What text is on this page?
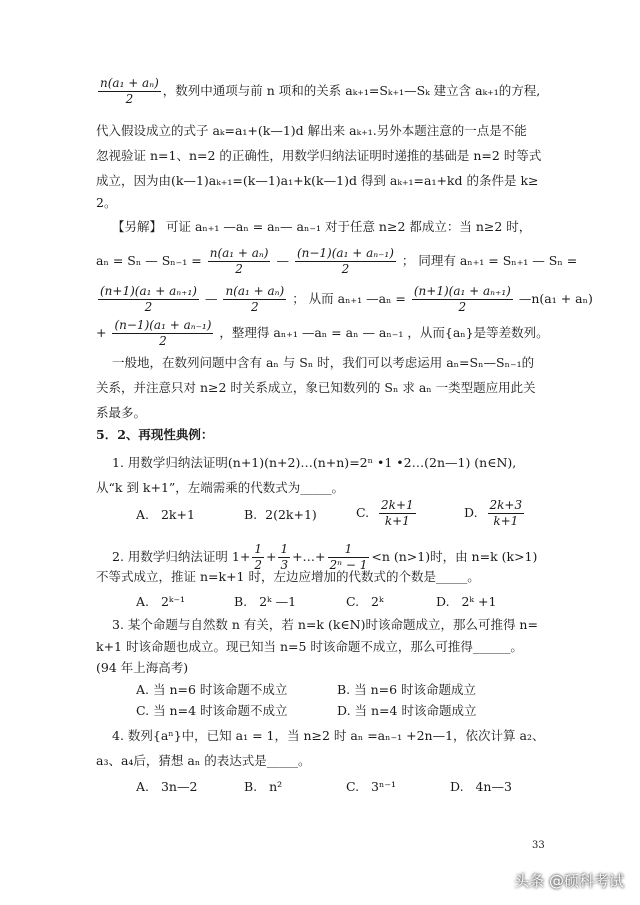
$\frac{\text{n(a₁ + aₙ)}}{2}$ ，数列中通项与前 n 项和的关系 aₖ₊₁=Sₖ₊₁—Sₖ 建立含 aₖ₊₁的方程,
代入假设成立的式子 aₖ=a₁+(k—1)d 解出来 aₖ₊₁.另外本题注意的一点是不能
忽视验证 n=1、n=2 的正确性，用数学归纳法证明时递推的基础是 n=2 时等式
成立，因为由(k—1)aₖ₊₁=(k—1)a₁+k(k—1)d 得到 aₖ₊₁=a₁+kd 的条件是 k≥
2。
【另解】 可证 aₙ₊₁ —aₙ = aₙ— aₙ₋₁ 对于任意 n≥2 都成立：当 n≥2 时，
aₙ = Sₙ — $S_{n-1} = \frac{\text{n(a₁ + aₙ)}}{2}$ — $\frac{\text{(n−1)(a₁ + aₙ₋₁)}}{2}$ ； 同理有 aₙ₊₁ = Sₙ₊₁ — Sₙ =
$\frac{\text{(n+1)(a₁ + aₙ₊₁)}}{2}$ — $\frac{\text{n(a₁ + aₙ)}}{2}$ ； 从而 aₙ₊₁ —aₙ = $\frac{\text{(n+1)(a₁ + aₙ₊₁)}}{2}$ —n(a₁ + aₙ)
+ $\frac{\text{(n−1)(a₁ + aₙ₋₁)}}{2}$ ，整理得 aₙ₊₁ —aₙ = aₙ — aₙ₋₁ ，从而{aₙ}是等差数列。
一般地，在数列问题中含有 aₙ 与 Sₙ 时，我们可以考虑运用 aₙ=Sₙ—Sₙ₋₁的
关系，并注意只对 n≥2 时关系成立，象已知数列的 Sₙ 求 aₙ 一类型题应用此关
系最多。
5．2、再现性典例：
1. 用数学归纳法证明(n+1)(n+2)…(n+n)=2ⁿ •1 •2…(2n—1) (n∈N),
从“k 到 k+1”，左端需乘的代数式为_____。
A. 2k+1	B. 2(2k+1)	C. $\frac{2k+1}{k+1}$	D. $\frac{2k+3}{k+1}$
2. 用数学归纳法证明 $1+ \frac{1}{2} + \frac{1}{3}$ +…+ $\frac{1}{\text{2ⁿ − 1}} <n$ (n>1)时，由 n=k (k>1)
不等式成立，推证 n=k+1 时，左边应增加的代数式的个数是_____。
A. 2ᵏ⁻¹	B. 2ᵏ —1	C. 2ᵏ	D. 2ᵏ +1
3. 某个命题与自然数 n 有关，若 n=k (k∈N)时该命题成立，那么可推得 n=
k+1 时该命题也成立。现已知当 n=5 时该命题不成立，那么可推得______。
(94 年上海高考)
A. 当 n=6 时该命题不成立	B. 当 n=6 时该命题成立
C. 当 n=4 时该命题不成立	D. 当 n=4 时该命题成立
4. 数列{aⁿ}中，已知 a₁ = 1，当 n≥2 时 aₙ =aₙ₋₁ +2n—1，依次计算 a₂、
a₃、a₄后，猜想 aₙ 的表达式是_____。
A. 3n—2	B. n²	C. 3ⁿ⁻¹	D. 4n—3
33
头条 @硕科考试
